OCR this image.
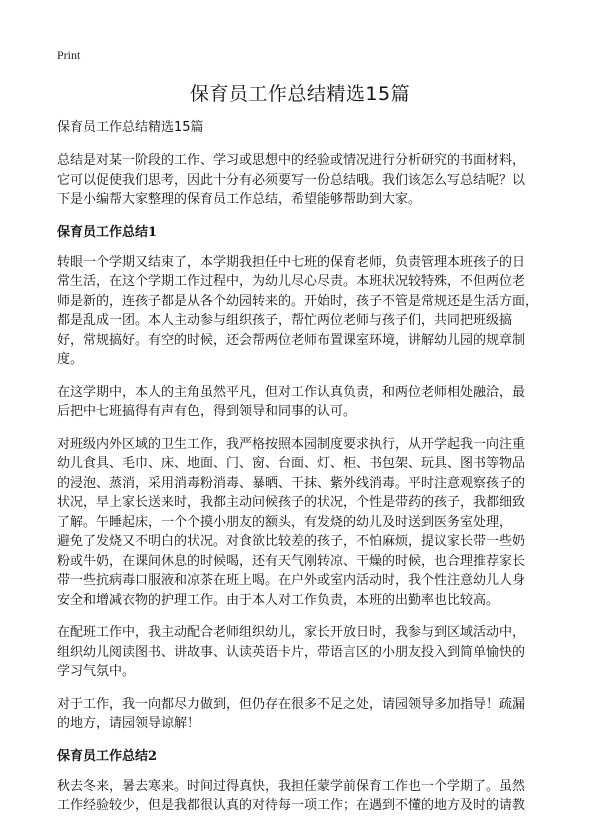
Print
保育员工作总结精选15篇

保育员工作总结精选15篇

总结是对某一阶段的工作、学习或思想中的经验或情况进行分析研究的书面材料，
它可以促使我们思考，因此十分有必须要写一份总结哦。我们该怎么写总结呢？以
下是小编帮大家整理的保育员工作总结，希望能够帮助到大家。

保育员工作总结1

转眼一个学期又结束了，本学期我担任中七班的保育老师，负责管理本班孩子的日
常生活，在这个学期工作过程中，为幼儿尽心尽责。本班状况较特殊，不但两位老
师是新的，连孩子都是从各个幼园转来的。开始时，孩子不管是常规还是生活方面，
都是乱成一团。本人主动参与组织孩子，帮忙两位老师与孩子们，共同把班级搞
好，常规搞好。有空的时候，还会帮两位老师布置课室环境，讲解幼儿园的规章制
度。

在这学期中，本人的主角虽然平凡，但对工作认真负责，和两位老师相处融洽，最
后把中七班搞得有声有色，得到领导和同事的认可。

对班级内外区域的卫生工作，我严格按照本园制度要求执行，从开学起我一向注重
幼儿食具、毛巾、床、地面、门、窗、台面、灯、柜、书包架、玩具、图书等物品
的浸泡、蒸消，采用消毒粉消毒、暴晒、干抹、紫外线消毒。平时注意观察孩子的
状况，早上家长送来时，我都主动问候孩子的状况，个性是带药的孩子，我都细致
了解。午睡起床，一个个摸小朋友的额头，有发烧的幼儿及时送到医务室处理，
避免了发烧又不明白的状况。对食欲比较差的孩子，不怕麻烦，提议家长带一些奶
粉或牛奶，在课间休息的时候喝，还有天气刚转凉、干燥的时候，也合理推荐家长
带一些抗病毒口服液和凉茶在班上喝。在户外或室内活动时，我个性注意幼儿人身
安全和增减衣物的护理工作。由于本人对工作负责，本班的出勤率也比较高。

在配班工作中，我主动配合老师组织幼儿，家长开放日时，我参与到区域活动中，
组织幼儿阅读图书、讲故事、认读英语卡片，带语言区的小朋友投入到简单愉快的
学习气氛中。

对于工作，我一向都尽力做到，但仍存在很多不足之处，请园领导多加指导！疏漏
的地方，请园领导谅解！

保育员工作总结2

秋去冬来，暑去寒来。时间过得真快，我担任蒙学前保育工作也一个学期了。虽然
工作经验较少，但是我都很认真的对待每一项工作；在遇到不懂的地方及时的请教
